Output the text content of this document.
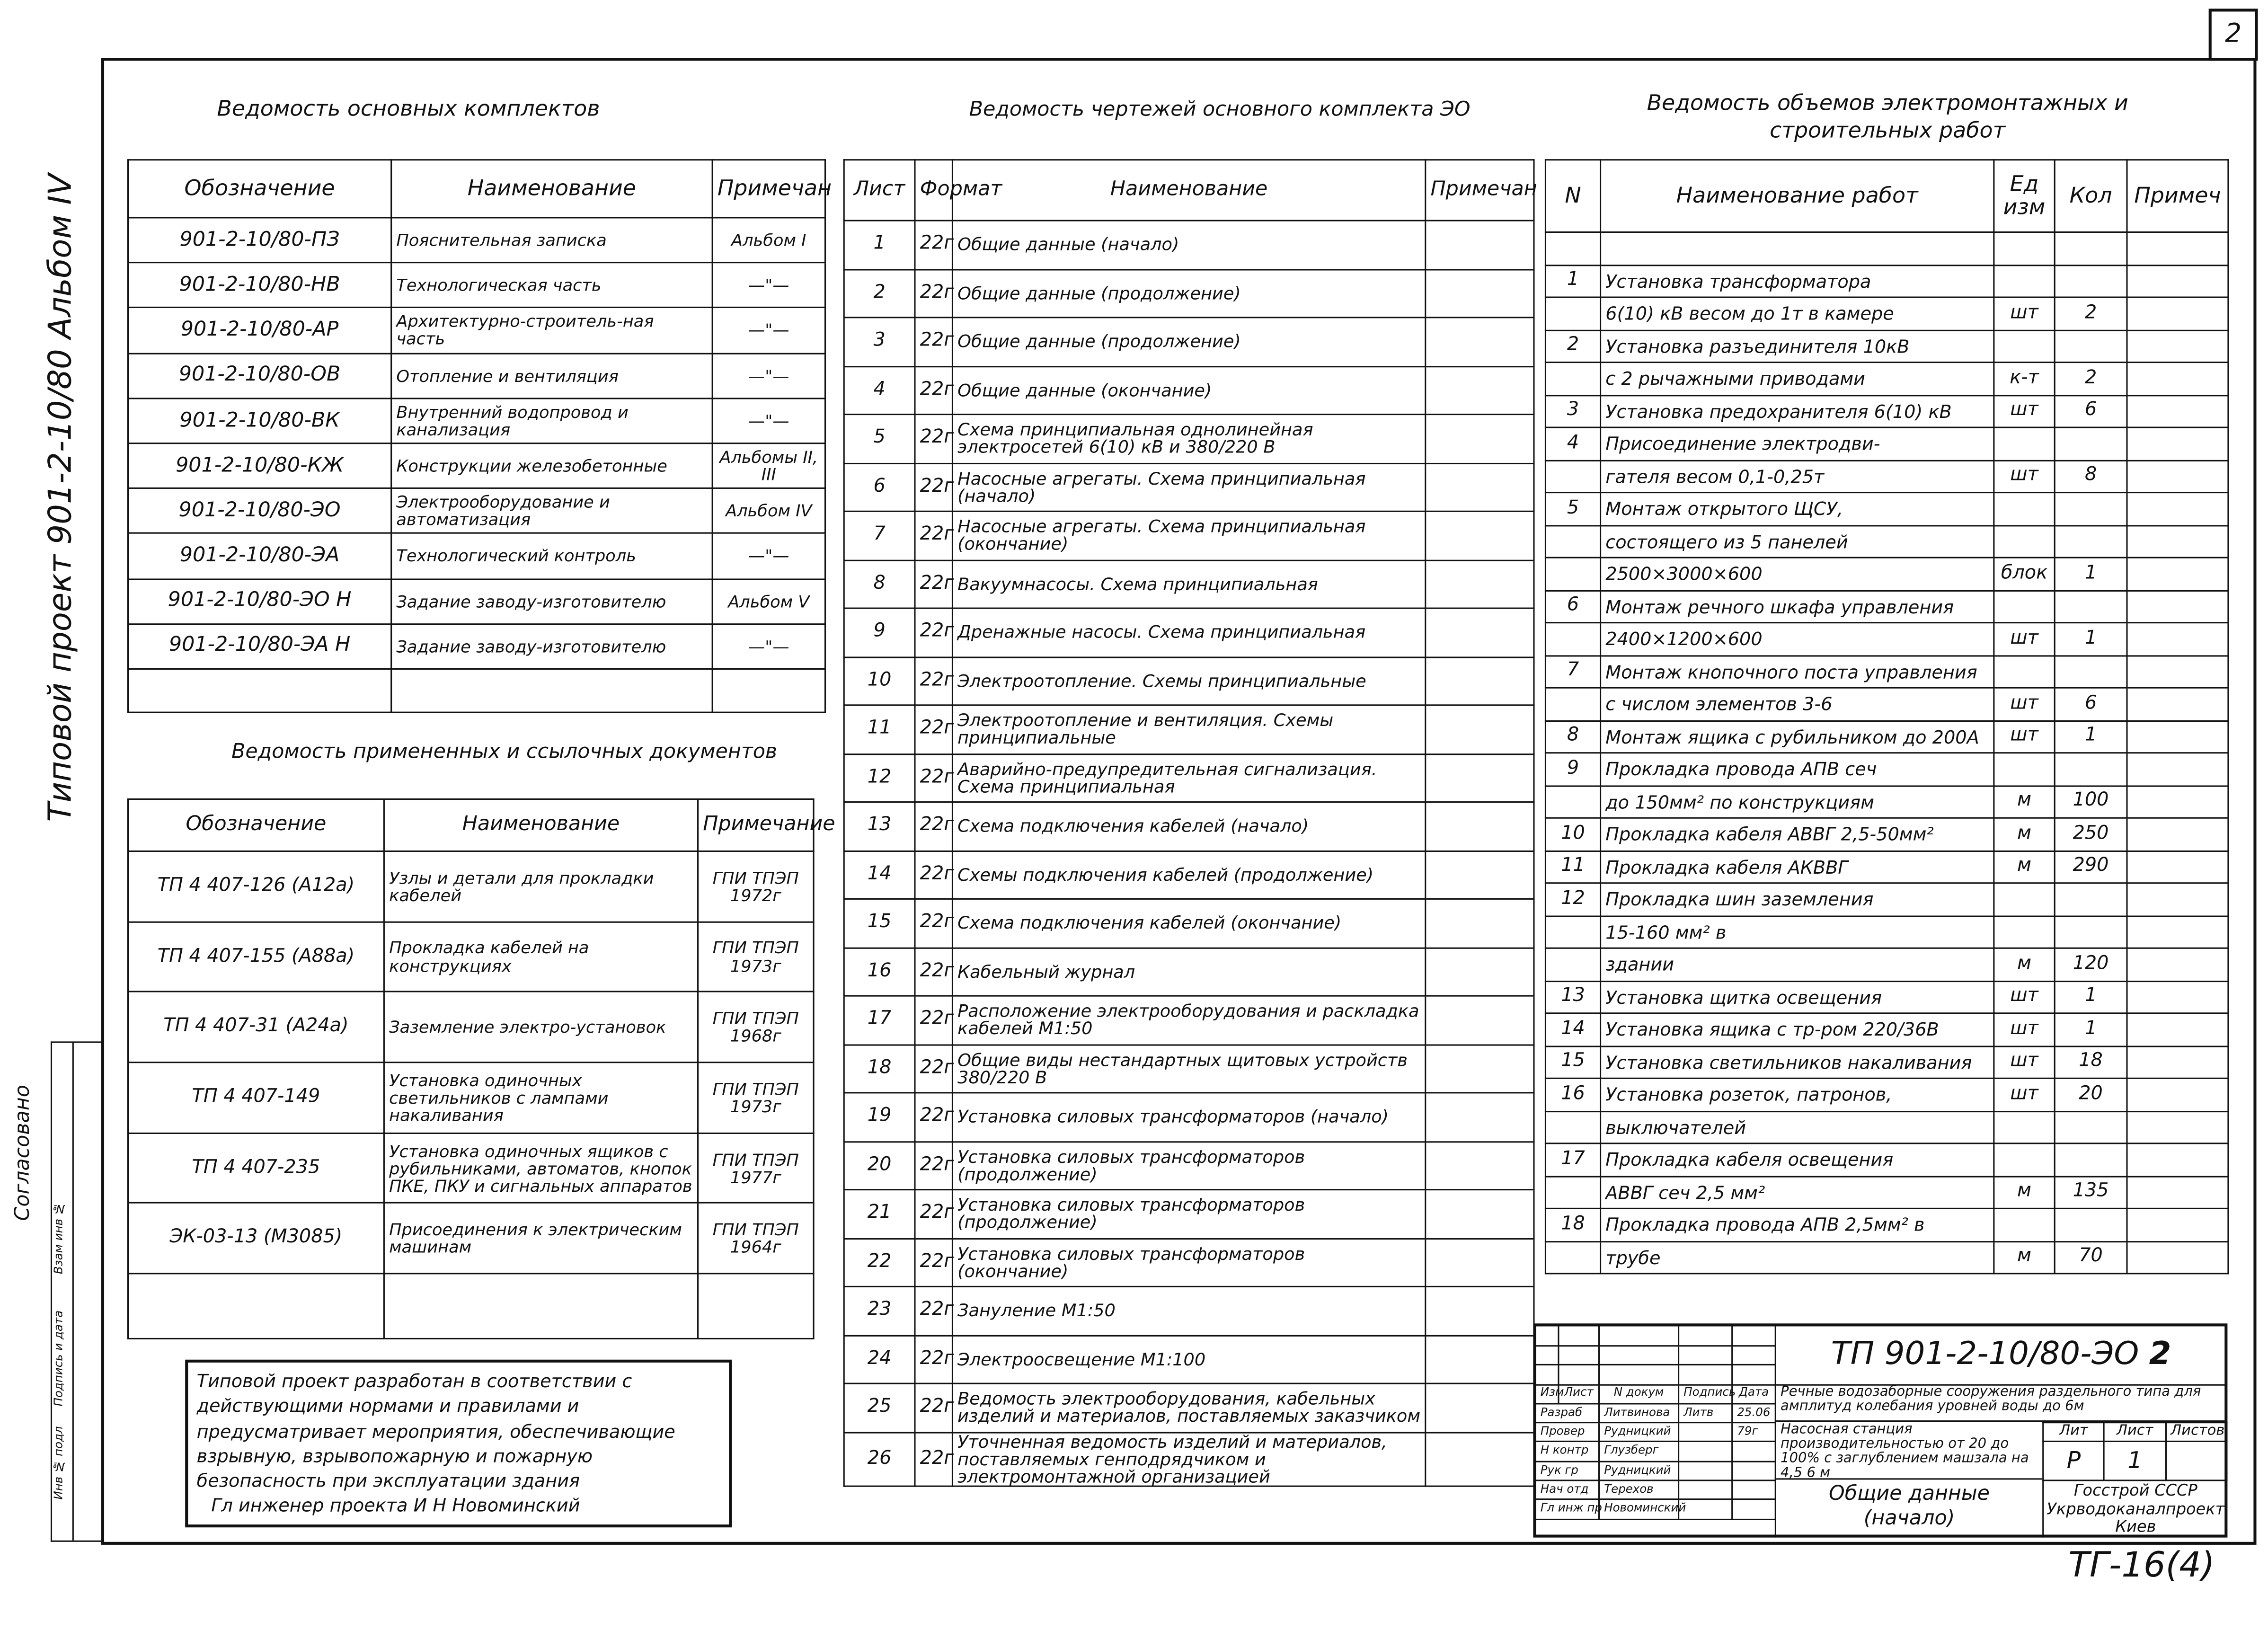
2
Типовой проект 901-2-10/80 Альбом IV
Согласовано
Инв № подл
Подпись и дата
Взам инв №
Ведомость основных комплектов
Обозначение	Наименование	Примечан
901-2-10/80-ПЗ	Пояснительная записка	Альбом I
901-2-10/80-НВ	Технологическая часть	—"—
901-2-10/80-АР	Архитектурно-строитель-ная часть	—"—
901-2-10/80-ОВ	Отопление и вентиляция	—"—
901-2-10/80-ВК	Внутренний водопровод и канализация	—"—
901-2-10/80-КЖ	Конструкции железобетонные	Альбомы II, III
901-2-10/80-ЭО	Электрооборудование и автоматизация	Альбом IV
901-2-10/80-ЭА	Технологический контроль	—"—
901-2-10/80-ЭО Н	Задание заводу-изготовителю	Альбом V
901-2-10/80-ЭА Н	Задание заводу-изготовителю	—"—

Ведомость примененных и ссылочных документов
Обозначение	Наименование	Примечание
ТП 4 407-126 (А12а)	Узлы и детали для прокладки кабелей	ГПИ ТПЭП 1972г
ТП 4 407-155 (А88а)	Прокладка кабелей на конструкциях	ГПИ ТПЭП 1973г
ТП 4 407-31 (А24а)	Заземление электро-установок	ГПИ ТПЭП 1968г
ТП 4 407-149	Установка одиночных светильников с лампами накаливания	ГПИ ТПЭП 1973г
ТП 4 407-235	Установка одиночных ящиков с рубильниками, автоматов, кнопок ПКЕ, ПКУ и сигнальных аппаратов	ГПИ ТПЭП 1977г
ЭК-03-13 (М3085)	Присоединения к электрическим машинам	ГПИ ТПЭП 1964г

Типовой проект разработан в соответствии с действующими нормами и правилами и предусматривает мероприятия, обеспечивающие взрывную, взрывопожарную и пожарную безопасность при эксплуатации здания
Гл инженер проекта И Н Новоминский
Ведомость чертежей основного комплекта ЭО
Лист	Формат	Наименование	Примечан
1	22г	Общие данные (начало)	
2	22г	Общие данные (продолжение)	
3	22г	Общие данные (продолжение)	
4	22г	Общие данные (окончание)	
5	22г	Схема принципиальная однолинейная электросетей 6(10) кВ и 380/220 В	
6	22г	Насосные агрегаты. Схема принципиальная (начало)	
7	22г	Насосные агрегаты. Схема принципиальная (окончание)	
8	22г	Вакуумнасосы. Схема принципиальная	
9	22г	Дренажные насосы. Схема принципиальная	
10	22г	Электроотопление. Схемы принципиальные	
11	22г	Электроотопление и вентиляция. Схемы принципиальные	
12	22г	Аварийно-предупредительная сигнализация. Схема принципиальная	
13	22г	Схема подключения кабелей (начало)	
14	22г	Схемы подключения кабелей (продолжение)	
15	22г	Схема подключения кабелей (окончание)	
16	22г	Кабельный журнал	
17	22г	Расположение электрооборудования и раскладка кабелей М1:50	
18	22г	Общие виды нестандартных щитовых устройств 380/220 В	
19	22г	Установка силовых трансформаторов (начало)	
20	22г	Установка силовых трансформаторов (продолжение)	
21	22г	Установка силовых трансформаторов (продолжение)	
22	22г	Установка силовых трансформаторов (окончание)	
23	22г	Зануление М1:50	
24	22г	Электроосвещение М1:100	
25	22г	Ведомость электрооборудования, кабельных изделий и материалов, поставляемых заказчиком	
26	22г	Уточненная ведомость изделий и материалов, поставляемых генподрядчиком и электромонтажной организацией	
Ведомость объемов электромонтажных и строительных работ
N	Наименование работ	Ед изм	Кол	Примеч

1	Установка трансформатора			
	6(10) кВ весом до 1т в камере	шт	2	
2	Установка разъединителя 10кВ			
	с 2 рычажными приводами	к-т	2	
3	Установка предохранителя 6(10) кВ	шт	6	
4	Присоединение электродви-			
	гателя весом 0,1-0,25т	шт	8	
5	Монтаж открытого ЩСУ,			
	состоящего из 5 панелей			
	2500×3000×600	блок	1	
6	Монтаж речного шкафа управления			
	2400×1200×600	шт	1	
7	Монтаж кнопочного поста управления			
	с числом элементов 3-6	шт	6	
8	Монтаж ящика с рубильником до 200А	шт	1	
9	Прокладка провода АПВ сеч			
	до 150мм² по конструкциям	м	100	
10	Прокладка кабеля АВВГ 2,5-50мм²	м	250	
11	Прокладка кабеля АКВВГ	м	290	
12	Прокладка шин заземления			
	15-160 мм² в			
	здании	м	120	
13	Установка щитка освещения	шт	1	
14	Установка ящика с тр-ром 220/36В	шт	1	
15	Установка светильников накаливания	шт	18	
16	Установка розеток, патронов,	шт	20	
	выключателей			
17	Прокладка кабеля освещения			
	АВВГ сеч 2,5 мм²	м	135	
18	Прокладка провода АПВ 2,5мм² в			
	трубе	м	70	

Изм	Лист	N докум	Подпись	Дата
Разраб		Литвинова	Литв	25.06
Провер		Рудницкий		79г
Н контр		Глузберг		
Рук гр		Рудницкий		
Нач отд		Терехов		
Гл инж пр		Новоминский		
ТП 901-2-10/80-ЭО 2
Речные водозаборные сооружения раздельного типа для амплитуд колебания уровней воды до 6м
Насосная станция производительностью от 20 до 100% с заглублением машзала на 4,5 6 м
Лит	Лист	Листов
Р	1	
Общие данные (начало)
Госстрой СССР Укрводоканалпроект Киев
ТГ-16(4)
